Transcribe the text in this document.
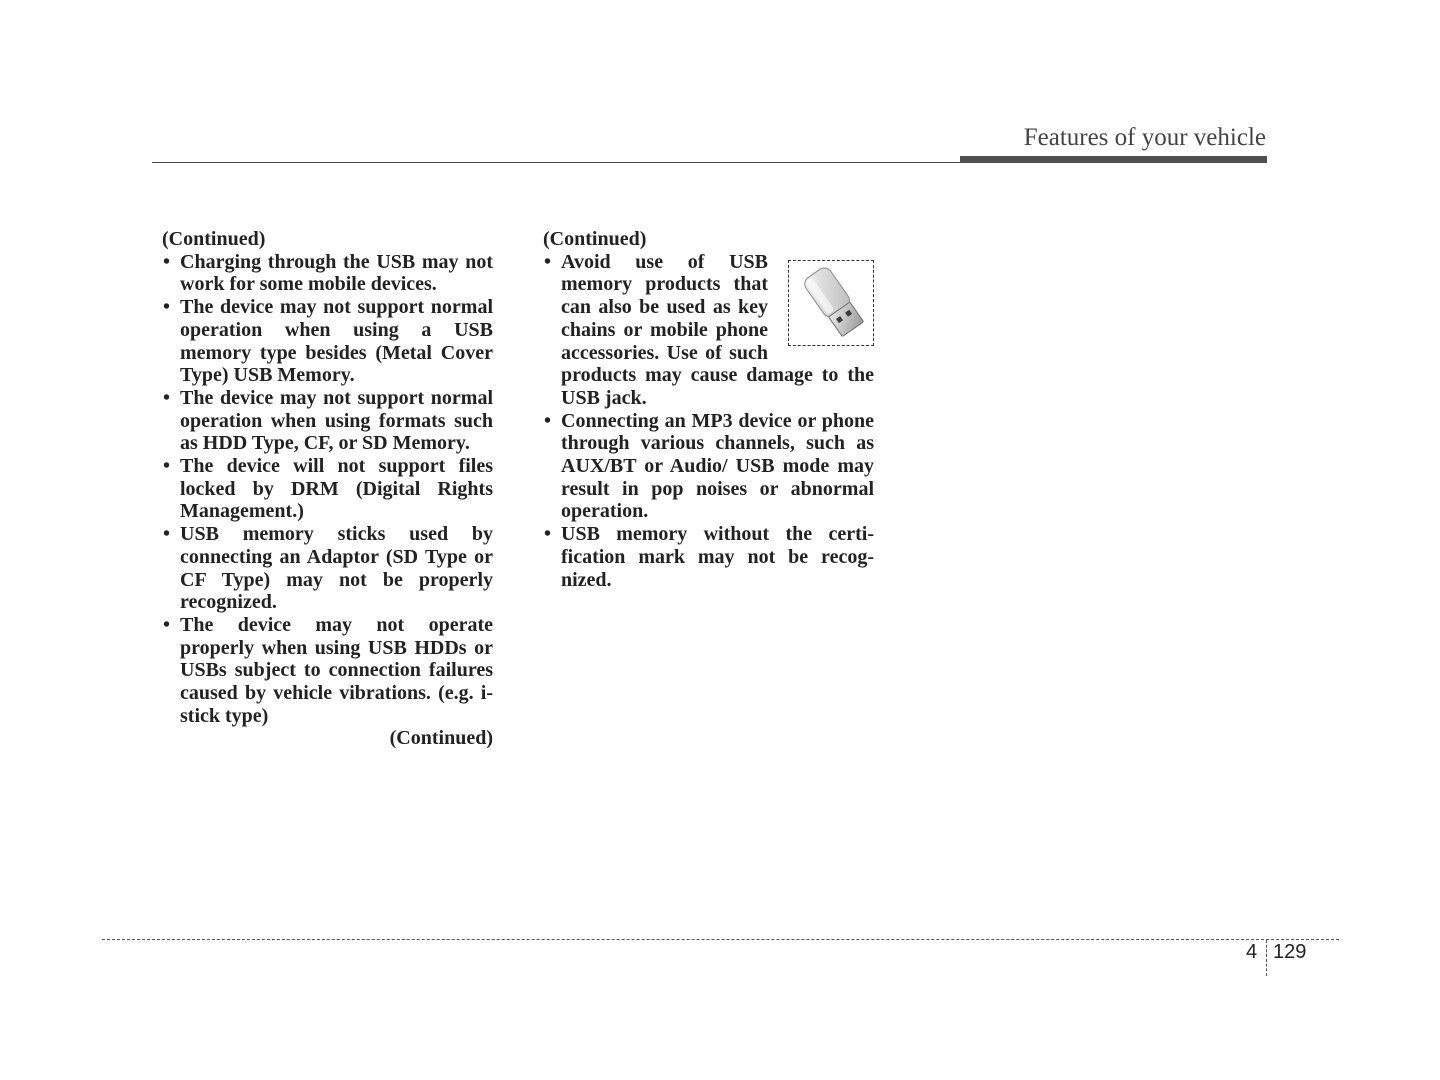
Features of your vehicle
(Continued)
• Charging through the USB may not work for some mobile devices.
• The device may not support normal operation when using a USB memory type besides (Metal Cover Type) USB Memory.
• The device may not support normal operation when using formats such as HDD Type, CF, or SD Memory.
• The device will not support files locked by DRM (Digital Rights Management.)
• USB memory sticks used by connecting an Adaptor (SD Type or CF Type) may not be properly recognized.
• The device may not operate properly when using USB HDDs or USBs subject to connection failures caused by vehicle vibrations. (e.g. i-stick type)
(Continued)
(Continued)
• Avoid use of USB memory products that can also be used as key chains or mobile phone accessories. Use of such products may cause damage to the USB jack.
• Connecting an MP3 device or phone through various channels, such as AUX/BT or Audio/ USB mode may result in pop noises or abnormal operation.
• USB memory without the certification mark may not be recognized.
4 129
